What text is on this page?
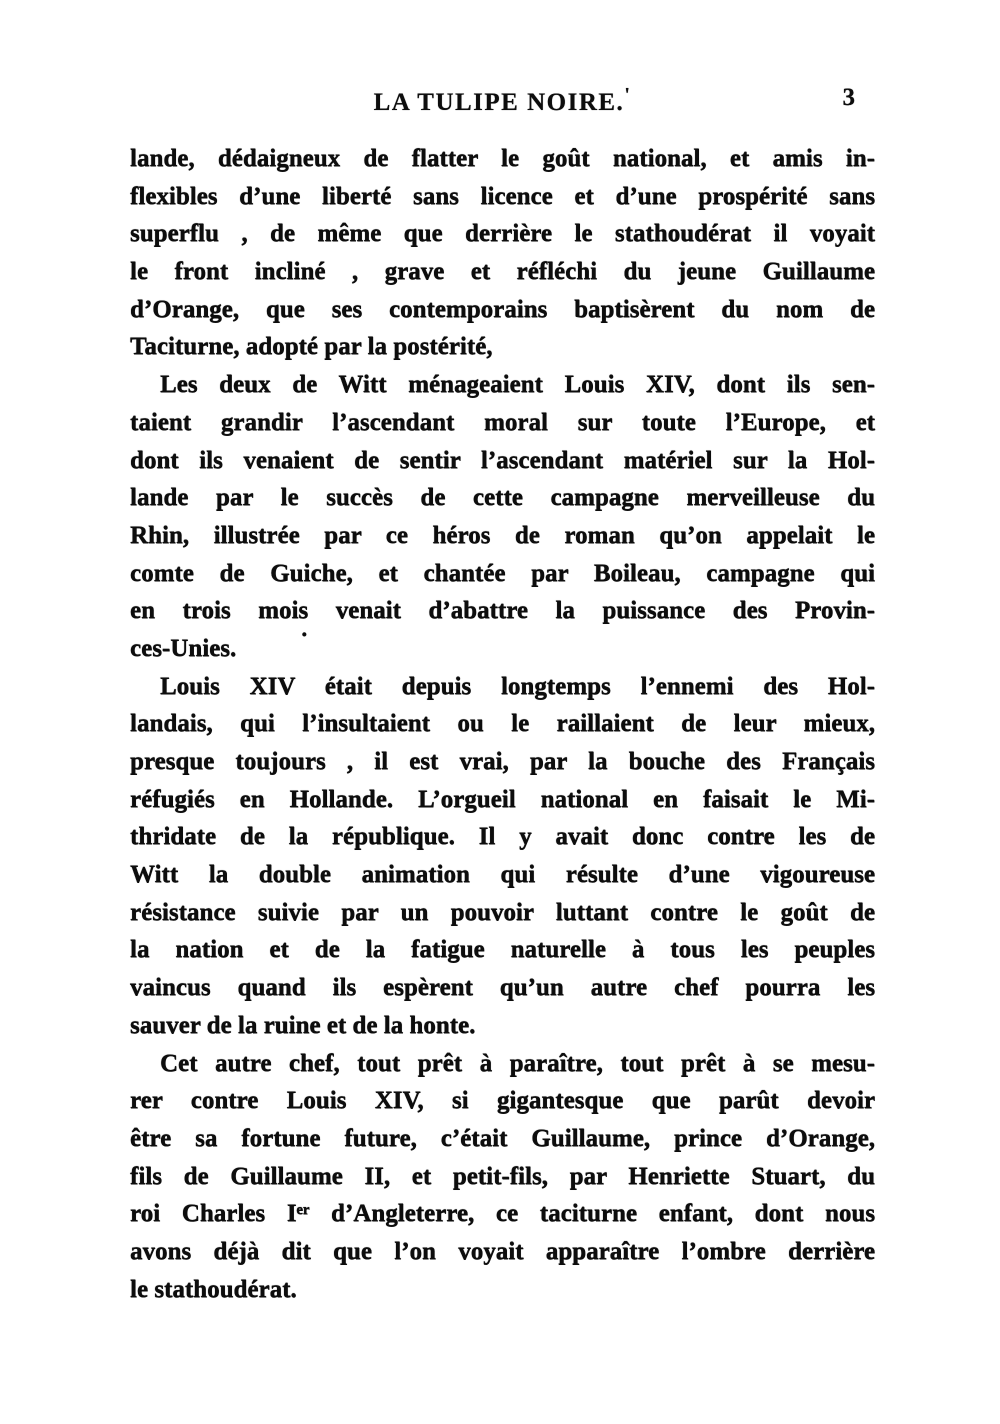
LA TULIPE NOIRE.'	3
lande, dédaigneux de flatter le goût national, et amis in-
flexibles d’une liberté sans licence et d’une prospérité sans
superflu , de même que derrière le stathoudérat il voyait
le front incliné , grave et réfléchi du jeune Guillaume
d’Orange, que ses contemporains baptisèrent du nom de
Taciturne, adopté par la postérité,
Les deux de Witt ménageaient Louis XIV, dont ils sen-
taient grandir l’ascendant moral sur toute l’Europe, et
dont ils venaient de sentir l’ascendant matériel sur la Hol-
lande par le succès de cette campagne merveilleuse du
Rhin, illustrée par ce héros de roman qu’on appelait le
comte de Guiche, et chantée par Boileau, campagne qui
en trois mois venait d’abattre la puissance des Provin-
ces-Unies.
Louis XIV était depuis longtemps l’ennemi des Hol-
landais, qui l’insultaient ou le raillaient de leur mieux,
presque toujours , il est vrai, par la bouche des Français
réfugiés en Hollande. L’orgueil national en faisait le Mi-
thridate de la république. Il y avait donc contre les de
Witt la double animation qui résulte d’une vigoureuse
résistance suivie par un pouvoir luttant contre le goût de
la nation et de la fatigue naturelle à tous les peuples
vaincus quand ils espèrent qu’un autre chef pourra les
sauver de la ruine et de la honte.
Cet autre chef, tout prêt à paraître, tout prêt à se mesu-
rer contre Louis XIV, si gigantesque que parût devoir
être sa fortune future, c’était Guillaume, prince d’Orange,
fils de Guillaume II, et petit-fils, par Henriette Stuart, du
roi Charles Iᵉʳ d’Angleterre, ce taciturne enfant, dont nous
avons déjà dit que l’on voyait apparaître l’ombre derrière
le stathoudérat.
·
